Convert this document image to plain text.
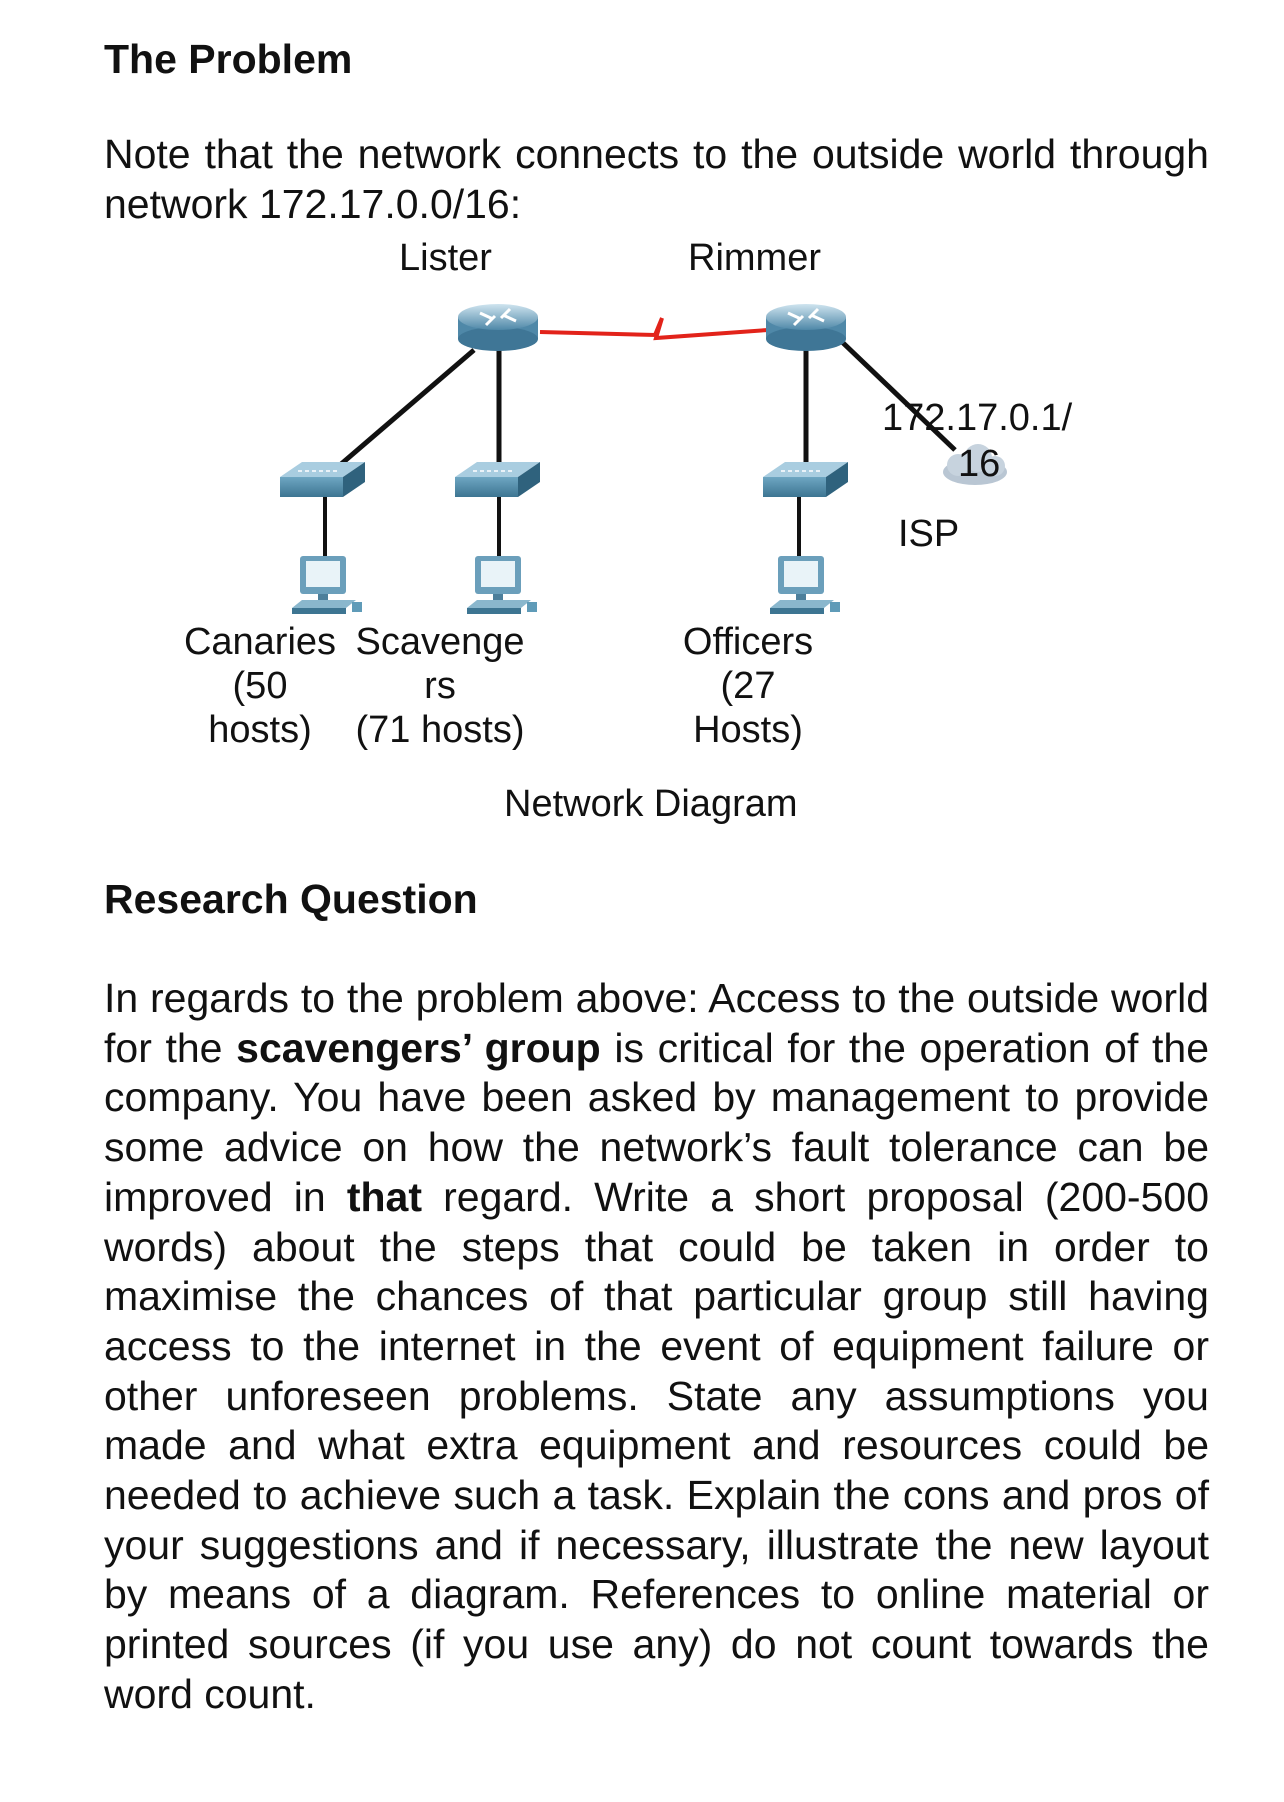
The Problem

Note that the network connects to the outside world through network 172.17.0.0/16:

Lister	Rimmer
172.17.0.1/
16
ISP
Canaries
(50
hosts)
Scavenge
rs
(71 hosts)
Officers
(27
Hosts)
Network Diagram
Research Question

In regards to the problem above: Access to the outside world for the scavengers’ group is critical for the operation of the company. You have been asked by management to provide some advice on how the network’s fault tolerance can be improved in that regard. Write a short proposal (200-500 words) about the steps that could be taken in order to maximise the chances of that particular group still having access to the internet in the event of equipment failure or other unforeseen problems. State any assumptions you made and what extra equipment and resources could be needed to achieve such a task. Explain the cons and pros of your suggestions and if necessary, illustrate the new layout by means of a diagram. References to online material or printed sources (if you use any) do not count towards the word count.
